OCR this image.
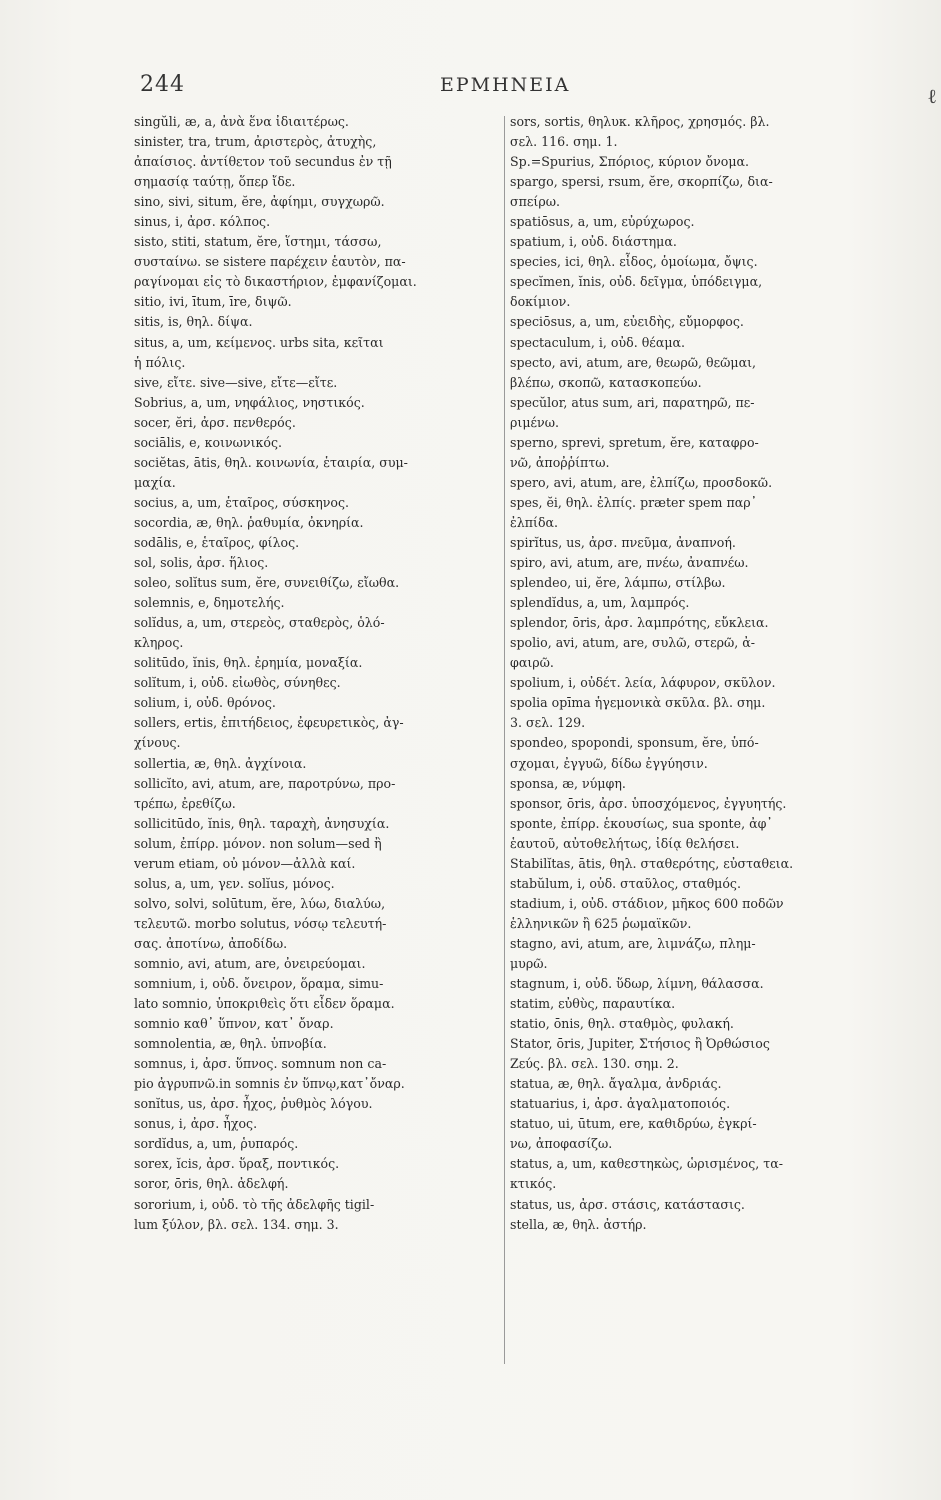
244	ΕΡΜΗΝΕΙΑ	ℓ
singŭli, æ, a, ἀνὰ ἕνα ἰδιαιτέρως.
sinister, tra, trum, ἀριστερὸς, ἀτυχὴς,
ἀπαίσιος. ἀντίθετον τοῦ secundus ἐν τῇ
σημασίᾳ ταύτῃ, ὅπερ ἴδε.
sino, sivi, situm, ĕre, ἀφίημι, συγχωρῶ.
sinus, i, ἀρσ. κόλπος.
sisto, stiti, statum, ĕre, ἵστημι, τάσσω,
συσταίνω. se sistere παρέχειν ἑαυτὸν, πα-
ραγίνομαι εἰς τὸ δικαστήριον, ἐμφανίζομαι.
sitio, ivi, ītum, īre, διψῶ.
sitis, is, θηλ. δίψα.
situs, a, um, κείμενος. urbs sita, κεῖται
ἡ πόλις.
sive, εἴτε. sive—sive, εἴτε—εἴτε.
Sobrius, a, um, νηφάλιος, νηστικός.
socer, ĕri, ἀρσ. πενθερός.
sociālis, e, κοινωνικός.
sociĕtas, ātis, θηλ. κοινωνία, ἑταιρία, συμ-
μαχία.
socius, a, um, ἑταῖρος, σύσκηνος.
socordia, æ, θηλ. ῥαθυμία, ὀκνηρία.
sodālis, e, ἑταῖρος, φίλος.
sol, solis, ἀρσ. ἥλιος.
soleo, solĭtus sum, ĕre, συνειθίζω, εἴωθα.
solemnis, e, δημοτελής.
solĭdus, a, um, στερεὸς, σταθερὸς, ὁλό-
κληρος.
solitūdo, ĭnis, θηλ. ἐρημία, μοναξία.
solĭtum, i, οὐδ. εἰωθὸς, σύνηθες.
solium, i, οὐδ. θρόνος.
sollers, ertis, ἐπιτήδειος, ἐφευρετικὸς, ἀγ-
χίνους.
sollertia, æ, θηλ. ἀγχίνοια.
sollicĭto, avi, atum, are, παροτρύνω, προ-
τρέπω, ἐρεθίζω.
sollicitūdo, ĭnis, θηλ. ταραχὴ, ἀνησυχία.
solum, ἐπίρρ. μόνον. non solum—sed ἢ
verum etiam, οὐ μόνον—ἀλλὰ καί.
solus, a, um, γεν. solĭus, μόνος.
solvo, solvi, solūtum, ĕre, λύω, διαλύω,
τελευτῶ. morbo solutus, νόσῳ τελευτή-
σας. ἀποτίνω, ἀποδίδω.
somnio, avi, atum, are, ὀνειρεύομαι.
somnium, i, οὐδ. ὄνειρον, ὅραμα, simu-
lato somnio, ὑποκριθεὶς ὅτι εἶδεν ὅραμα.
somnio καθ᾽ ὕπνον, κατ᾽ ὄναρ.
somnolentia, æ, θηλ. ὑπνοβία.
somnus, i, ἀρσ. ὕπνος. somnum non ca-
pio ἀγρυπνῶ.in somnis ἐν ὕπνῳ,κατ᾽ὄναρ.
sonĭtus, us, ἀρσ. ἦχος, ῥυθμὸς λόγου.
sonus, i, ἀρσ. ἦχος.
sordĭdus, a, um, ῥυπαρός.
sorex, ĭcis, ἀρσ. ὕραξ, ποντικός.
soror, ōris, θηλ. ἀδελφή.
sororium, i, οὐδ. τὸ τῆς ἀδελφῆς tigil-
lum ξύλον, βλ. σελ. 134. σημ. 3.
sors, sortis, θηλυκ. κλῆρος, χρησμός. βλ.
σελ. 116. σημ. 1.
Sp.=Spurius, Σπόριος, κύριον ὄνομα.
spargo, spersi, rsum, ĕre, σκορπίζω, δια-
σπείρω.
spatiōsus, a, um, εὐρύχωρος.
spatium, i, οὐδ. διάστημα.
species, ici, θηλ. εἶδος, ὁμοίωμα, ὄψις.
specĭmen, ĭnis, οὐδ. δεῖγμα, ὑπόδειγμα,
δοκίμιον.
speciōsus, a, um, εὐειδὴς, εὔμορφος.
spectaculum, i, οὐδ. θέαμα.
specto, avi, atum, are, θεωρῶ, θεῶμαι,
βλέπω, σκοπῶ, κατασκοπεύω.
specŭlor, atus sum, ari, παρατηρῶ, πε-
ριμένω.
sperno, sprevi, spretum, ĕre, καταφρο-
νῶ, ἀποῤῥίπτω.
spero, avi, atum, are, ἐλπίζω, προσδοκῶ.
spes, ĕi, θηλ. ἐλπίς. præter spem παρ᾽
ἐλπίδα.
spirĭtus, us, ἀρσ. πνεῦμα, ἀναπνοή.
spiro, avi, atum, are, πνέω, ἀναπνέω.
splendeo, ui, ĕre, λάμπω, στίλβω.
splendĭdus, a, um, λαμπρός.
splendor, ōris, ἀρσ. λαμπρότης, εὔκλεια.
spolio, avi, atum, are, συλῶ, στερῶ, ἀ-
φαιρῶ.
spolium, i, οὐδέτ. λεία, λάφυρον, σκῦλον.
spolia opīma ἡγεμονικὰ σκῦλα. βλ. σημ.
3. σελ. 129.
spondeo, spopondi, sponsum, ĕre, ὑπό-
σχομαι, ἐγγυῶ, δίδω ἐγγύησιν.
sponsa, æ, νύμφη.
sponsor, ōris, ἀρσ. ὑποσχόμενος, ἐγγυητής.
sponte, ἐπίρρ. ἑκουσίως, sua sponte, ἀφ᾽
ἑαυτοῦ, αὐτοθελήτως, ἰδίᾳ θελήσει.
Stabilĭtas, ātis, θηλ. σταθερότης, εὐσταθεια.
stabŭlum, i, οὐδ. σταῦλος, σταθμός.
stadium, i, οὐδ. στάδιον, μῆκος 600 ποδῶν
ἑλληνικῶν ἢ 625 ῥωμαϊκῶν.
stagno, avi, atum, are, λιμνάζω, πλημ-
μυρῶ.
stagnum, i, οὐδ. ὕδωρ, λίμνη, θάλασσα.
statim, εὐθὺς, παραυτίκα.
statio, ōnis, θηλ. σταθμὸς, φυλακή.
Stator, ōris, Jupiter, Στήσιος ἢ Ὀρθώσιος
Ζεύς. βλ. σελ. 130. σημ. 2.
statua, æ, θηλ. ἄγαλμα, ἀνδριάς.
statuarius, i, ἀρσ. ἀγαλματοποιός.
statuo, ui, ūtum, ere, καθιδρύω, ἐγκρί-
νω, ἀποφασίζω.
status, a, um, καθεστηκὼς, ὡρισμένος, τα-
κτικός.
status, us, ἀρσ. στάσις, κατάστασις.
stella, æ, θηλ. ἀστήρ.
